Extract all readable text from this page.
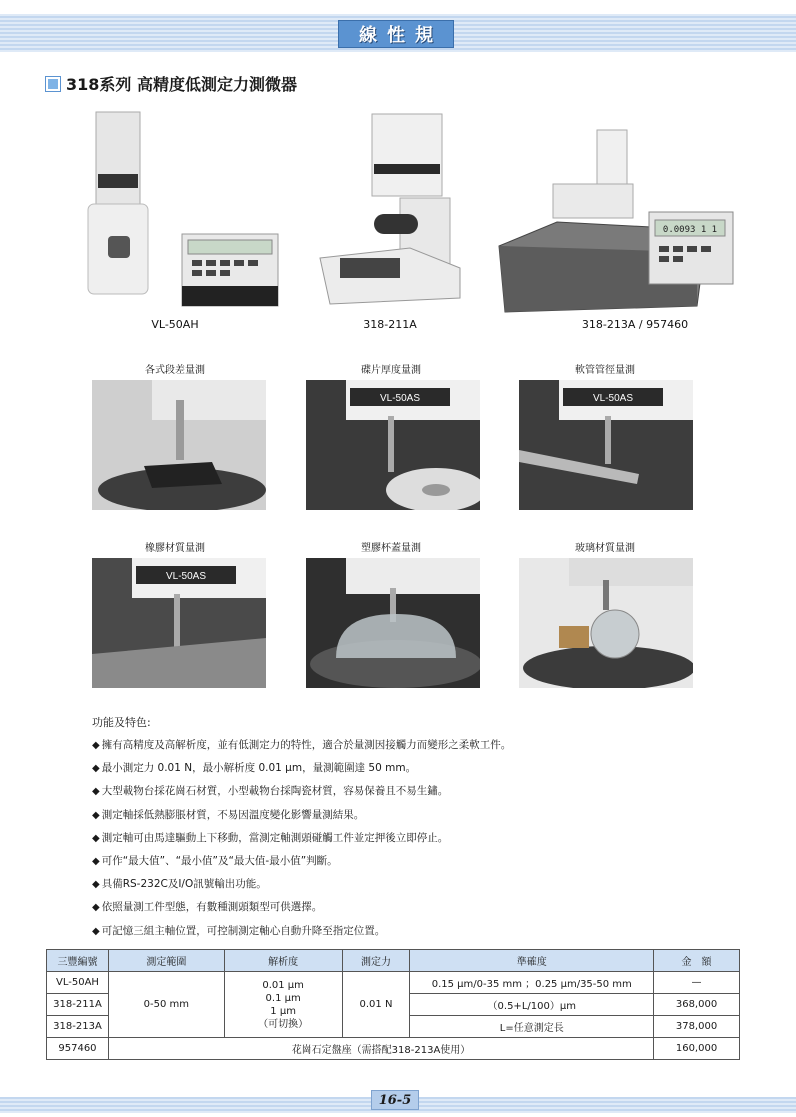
線性規
318系列 高精度低測定力測微器
VL-50AH	318-211A
0.0093 1 1
318-213A / 957460
各式段差量測	碟片厚度量測	軟管管徑量測
VL-50AS	VL-50AS
橡膠材質量測	塑膠杯蓋量測	玻璃材質量測
VL-50AS
功能及特色:
◆ 擁有高精度及高解析度，並有低測定力的特性，適合於量測因接觸力而變形之柔軟工件。
◆ 最小測定力 0.01 N，最小解析度 0.01 µm，量測範圍達 50 mm。
◆ 大型載物台採花崗石材質，小型載物台採陶瓷材質，容易保養且不易生鏽。
◆ 測定軸採低熱膨脹材質，不易因溫度變化影響量測結果。
◆ 測定軸可由馬達驅動上下移動，當測定軸測頭碰觸工件並定押後立即停止。
◆ 可作“最大值”、“最小值”及“最大值-最小值”判斷。
◆ 具備RS-232C及I/O訊號輸出功能。
◆ 依照量測工件型態，有數種測頭類型可供選擇。
◆ 可記憶三組主軸位置，可控制測定軸心自動升降至指定位置。
三豐編號	測定範圍	解析度	測定力	準確度	金　額
VL-50AH	0-50 mm	0.01 µm
0.1 µm
1 µm
（可切換）	0.01 N	0.15 µm/0-35 mm ；0.25 µm/35-50 mm	—
318-211A				（0.5+L/100）µm	368,000
318-213A				L=任意測定長	378,000
957460	花崗石定盤座（需搭配318-213A使用）				160,000
16-5
